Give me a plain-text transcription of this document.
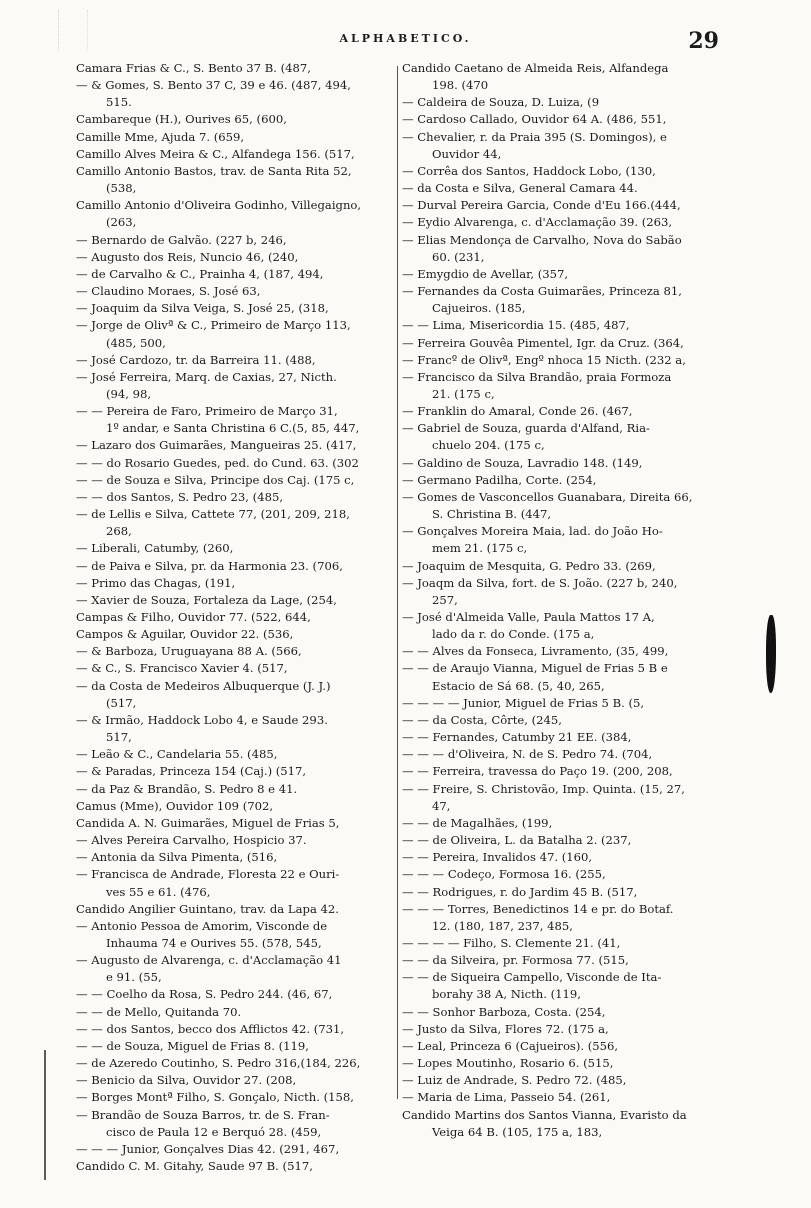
ALPHABETICO.	29
Camara Frias & C., S. Bento 37 B. (487,
— & Gomes, S. Bento 37 C, 39 e 46. (487, 494,
515.
Cambareque (H.), Ourives 65, (600,
Camille Mme, Ajuda 7. (659,
Camillo Alves Meira & C., Alfandega 156. (517,
Camillo Antonio Bastos, trav. de Santa Rita 52,
(538,
Camillo Antonio d'Oliveira Godinho, Villegaigno,
(263,
— Bernardo de Galvão. (227 b, 246,
— Augusto dos Reis, Nuncio 46, (240,
— de Carvalho & C., Prainha 4, (187, 494,
— Claudino Moraes, S. José 63,
— Joaquim da Silva Veiga, S. José 25, (318,
— Jorge de Olivª & C., Primeiro de Março 113,
(485, 500,
— José Cardozo, tr. da Barreira 11. (488,
— José Ferreira, Marq. de Caxias, 27, Nicth.
(94, 98,
— — Pereira de Faro, Primeiro de Março 31,
1º andar, e Santa Christina 6 C.(5, 85, 447,
— Lazaro dos Guimarães, Mangueiras 25. (417,
— — do Rosario Guedes, ped. do Cund. 63. (302
— — de Souza e Silva, Principe dos Caj. (175 c,
— — dos Santos, S. Pedro 23, (485,
— de Lellis e Silva, Cattete 77, (201, 209, 218,
268,
— Liberali, Catumby, (260,
— de Paiva e Silva, pr. da Harmonia 23. (706,
— Primo das Chagas, (191,
— Xavier de Souza, Fortaleza da Lage, (254,
Campas & Filho, Ouvidor 77. (522, 644,
Campos & Aguilar, Ouvidor 22. (536,
— & Barboza, Uruguayana 88 A. (566,
— & C., S. Francisco Xavier 4. (517,
— da Costa de Medeiros Albuquerque (J. J.)
(517,
— & Irmão, Haddock Lobo 4, e Saude 293.
517,
— Leão & C., Candelaria 55. (485,
— & Paradas, Princeza 154 (Caj.) (517,
— da Paz & Brandão, S. Pedro 8 e 41.
Camus (Mme), Ouvidor 109 (702,
Candida A. N. Guimarães, Miguel de Frias 5,
— Alves Pereira Carvalho, Hospicio 37.
— Antonia da Silva Pimenta, (516,
— Francisca de Andrade, Floresta 22 e Ouri-
ves 55 e 61. (476,
Candido Angilier Guintano, trav. da Lapa 42.
— Antonio Pessoa de Amorim, Visconde de
Inhauma 74 e Ourives 55. (578, 545,
— Augusto de Alvarenga, c. d'Acclamação 41
e 91. (55,
— — Coelho da Rosa, S. Pedro 244. (46, 67,
— — de Mello, Quitanda 70.
— — dos Santos, becco dos Afflictos 42. (731,
— — de Souza, Miguel de Frias 8. (119,
— de Azeredo Coutinho, S. Pedro 316,(184, 226,
— Benicio da Silva, Ouvidor 27. (208,
— Borges Montª Filho, S. Gonçalo, Nicth. (158,
— Brandão de Souza Barros, tr. de S. Fran-
cisco de Paula 12 e Berquó 28. (459,
— — — Junior, Gonçalves Dias 42. (291, 467,
Candido C. M. Gitahy, Saude 97 B. (517,
Candido Caetano de Almeida Reis, Alfandega
198. (470
— Caldeira de Souza, D. Luiza, (9
— Cardoso Callado, Ouvidor 64 A. (486, 551,
— Chevalier, r. da Praia 395 (S. Domingos), e
Ouvidor 44,
— Corrêa dos Santos, Haddock Lobo, (130,
— da Costa e Silva, General Camara 44.
— Durval Pereira Garcia, Conde d'Eu 166.(444,
— Eydio Alvarenga, c. d'Acclamação 39. (263,
— Elias Mendonça de Carvalho, Nova do Sabão
60. (231,
— Emygdio de Avellar, (357,
— Fernandes da Costa Guimarães, Princeza 81,
Cajueiros. (185,
— — Lima, Misericordia 15. (485, 487,
— Ferreira Gouvêa Pimentel, Igr. da Cruz. (364,
— Francº de Olivª, Engº nhoca 15 Nicth. (232 a,
— Francisco da Silva Brandão, praia Formoza
21. (175 c,
— Franklin do Amaral, Conde 26. (467,
— Gabriel de Souza, guarda d'Alfand, Ria-
chuelo 204. (175 c,
— Galdino de Souza, Lavradio 148. (149,
— Germano Padilha, Corte. (254,
— Gomes de Vasconcellos Guanabara, Direita 66,
S. Christina B. (447,
— Gonçalves Moreira Maia, lad. do João Ho-
mem 21. (175 c,
— Joaquim de Mesquita, G. Pedro 33. (269,
— Joaqm da Silva, fort. de S. João. (227 b, 240,
257,
— José d'Almeida Valle, Paula Mattos 17 A,
lado da r. do Conde. (175 a,
— — Alves da Fonseca, Livramento, (35, 499,
— — de Araujo Vianna, Miguel de Frias 5 B e
Estacio de Sá 68. (5, 40, 265,
— — — — Junior, Miguel de Frias 5 B. (5,
— — da Costa, Côrte, (245,
— — Fernandes, Catumby 21 EE. (384,
— — — d'Oliveira, N. de S. Pedro 74. (704,
— — Ferreira, travessa do Paço 19. (200, 208,
— — Freire, S. Christovão, Imp. Quinta. (15, 27,
47,
— — de Magalhães, (199,
— — de Oliveira, L. da Batalha 2. (237,
— — Pereira, Invalidos 47. (160,
— — — Codeço, Formosa 16. (255,
— — Rodrigues, r. do Jardim 45 B. (517,
— — — Torres, Benedictinos 14 e pr. do Botaf.
12. (180, 187, 237, 485,
— — — — Filho, S. Clemente 21. (41,
— — da Silveira, pr. Formosa 77. (515,
— — de Siqueira Campello, Visconde de Ita-
borahy 38 A, Nicth. (119,
— — Sonhor Barboza, Costa. (254,
— Justo da Silva, Flores 72. (175 a,
— Leal, Princeza 6 (Cajueiros). (556,
— Lopes Moutinho, Rosario 6. (515,
— Luiz de Andrade, S. Pedro 72. (485,
— Maria de Lima, Passeio 54. (261,
Candido Martins dos Santos Vianna, Evaristo da
Veiga 64 B. (105, 175 a, 183,
